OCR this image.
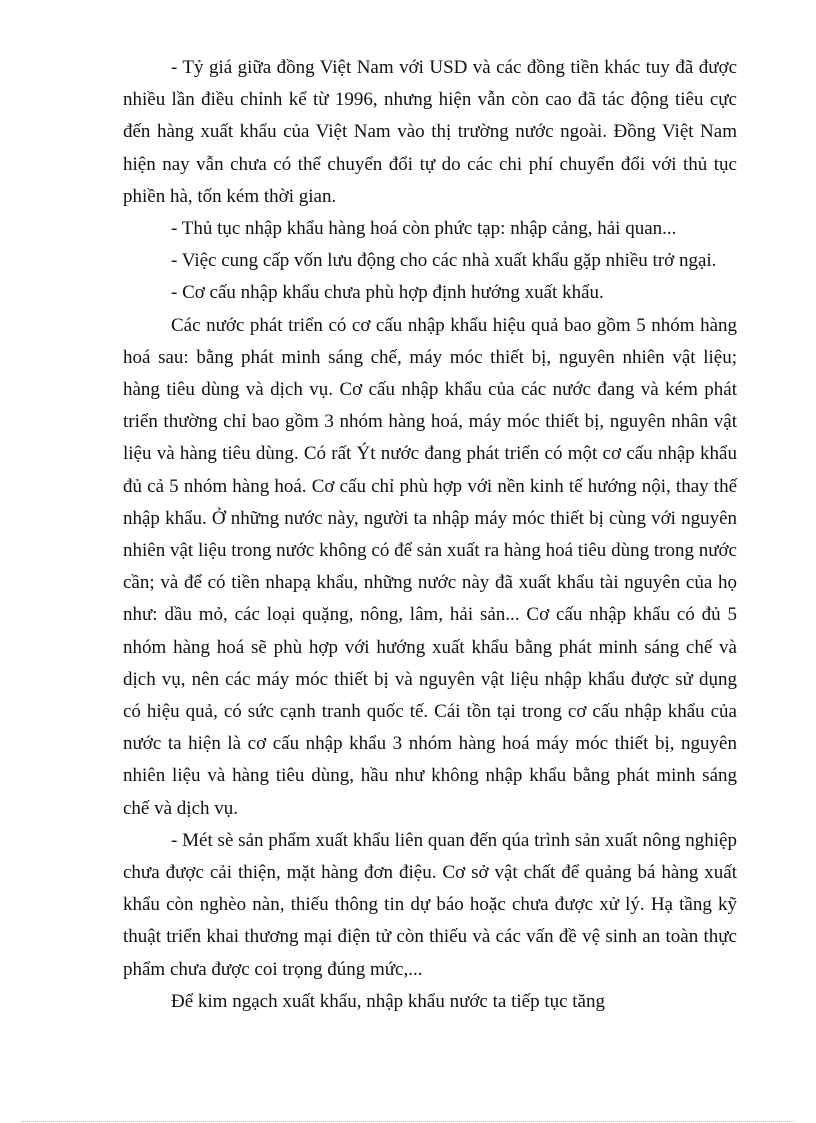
- Tỷ giá giữa đồng Việt Nam với USD và các đồng tiền khác tuy đã được nhiều lần điều chỉnh kể từ 1996, nhưng hiện vẫn còn cao đã tác động tiêu cực đến hàng xuất khẩu của Việt Nam vào thị trường nước ngoài. Đồng Việt Nam hiện nay vẫn chưa có thể chuyển đổi tự do các chi phí chuyển đổi với thủ tục phiền hà, tốn kém thời gian.

- Thủ tục nhập khẩu hàng hoá còn phức tạp: nhập cảng, hải quan...

- Việc cung cấp vốn lưu động cho các nhà xuất khẩu gặp nhiều trở ngại.

- Cơ cấu nhập khẩu chưa phù hợp định hướng xuất khẩu.

Các nước phát triển có cơ cấu nhập khẩu hiệu quả bao gồm 5 nhóm hàng hoá sau: bằng phát minh sáng chế, máy móc thiết bị, nguyên nhiên vật liệu; hàng tiêu dùng và dịch vụ. Cơ cấu nhập khẩu của các nước đang và kém phát triển thường chỉ bao gồm 3 nhóm hàng hoá, máy móc thiết bị, nguyên nhân vật liệu và hàng tiêu dùng. Có rất Ýt nước đang phát triển có một cơ cấu nhập khẩu đủ cả 5 nhóm hàng hoá. Cơ cấu chỉ phù hợp với nền kinh tế hướng nội, thay thế nhập khẩu. Ở những nước này, người ta nhập máy móc thiết bị cùng với nguyên nhiên vật liệu trong nước không có để sản xuất ra hàng hoá tiêu dùng trong nước cần; và để có tiền nhapạ khẩu, những nước này đã xuất khẩu tài nguyên của họ như: dầu mỏ, các loại quặng, nông, lâm, hải sản... Cơ cấu nhập khẩu có đủ 5 nhóm hàng hoá sẽ phù hợp với hướng xuất khẩu bằng phát minh sáng chế và dịch vụ, nên các máy móc thiết bị và nguyên vật liệu nhập khẩu được sử dụng có hiệu quả, có sức cạnh tranh quốc tế. Cái tồn tại trong cơ cấu nhập khẩu của nước ta hiện là cơ cấu nhập khẩu 3 nhóm hàng hoá máy móc thiết bị, nguyên nhiên liệu và hàng tiêu dùng, hầu như không nhập khẩu bằng phát minh sáng chế và dịch vụ.

- Mét sè sản phẩm xuất khẩu liên quan đến qúa trình sản xuất nông nghiệp chưa được cải thiện, mặt hàng đơn điệu. Cơ sở vật chất để quảng bá hàng xuất khẩu còn nghèo nàn, thiếu thông tin dự báo hoặc chưa được xử lý. Hạ tầng kỹ thuật triển khai thương mại điện tử còn thiếu và các vấn đề vệ sinh an toàn thực phẩm chưa được coi trọng đúng mức,...

Để kim ngạch xuất khẩu, nhập khẩu nước ta tiếp tục tăng
